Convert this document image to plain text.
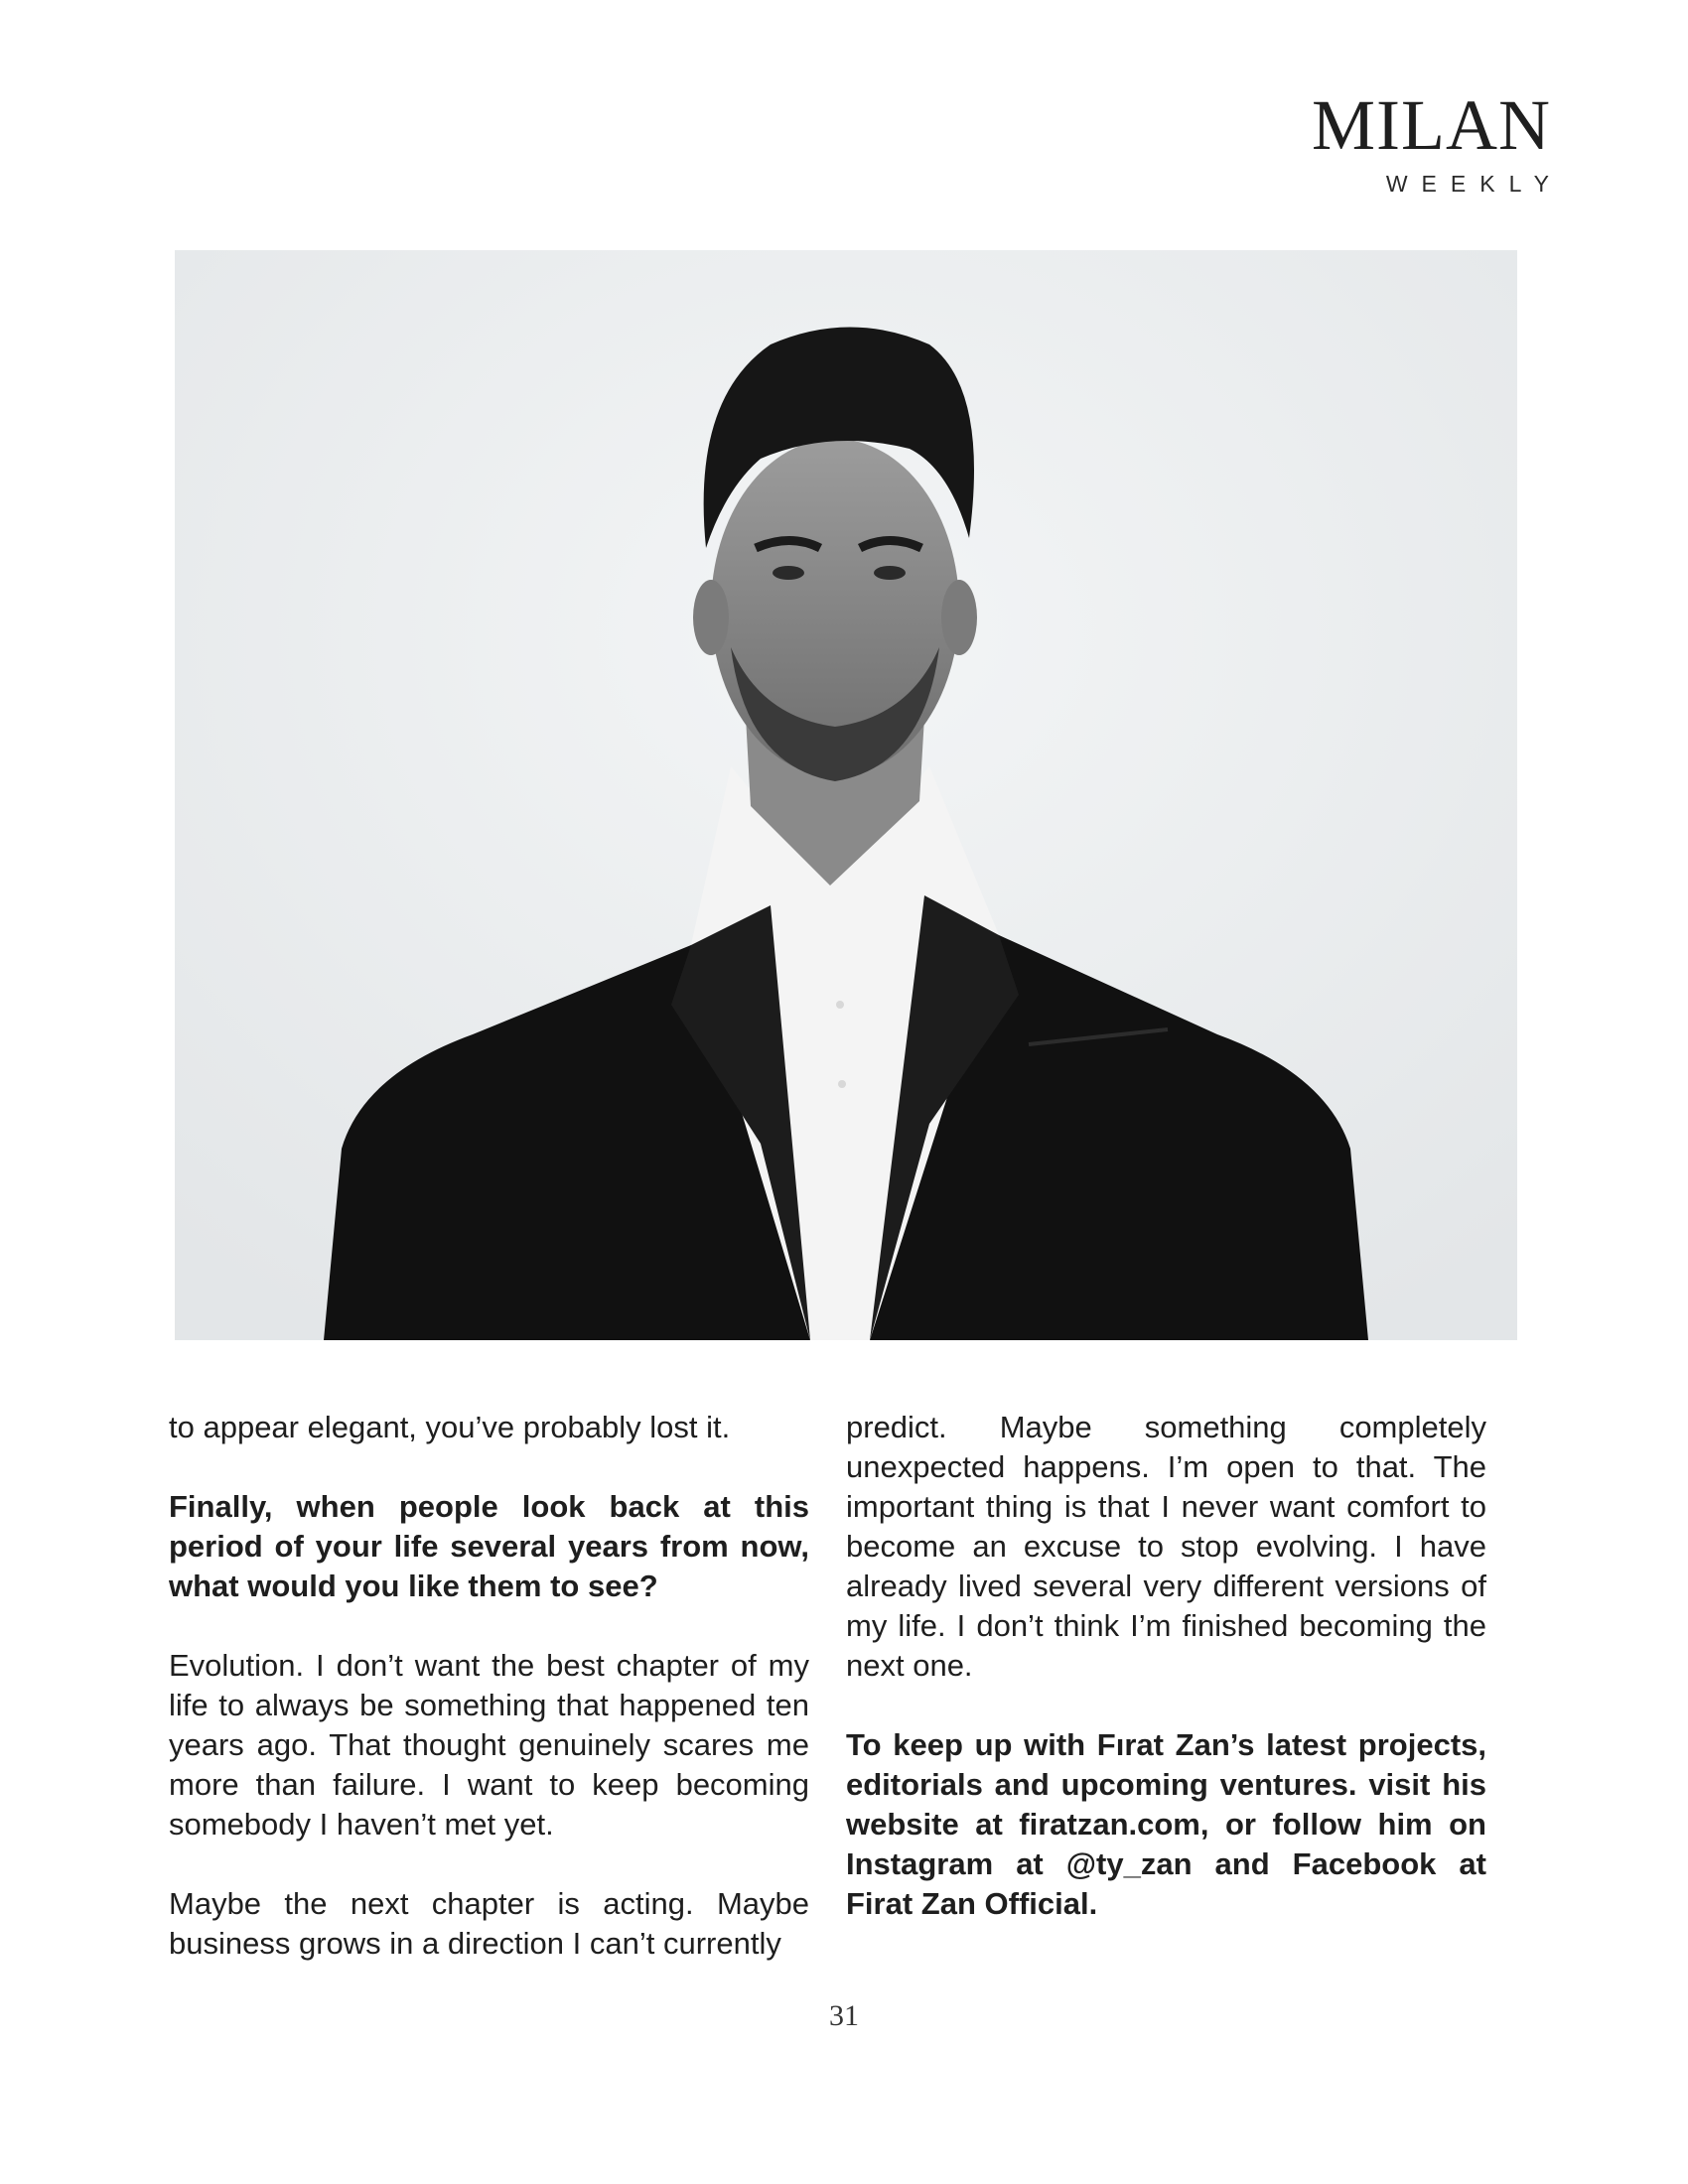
MILAN
WEEKLY

to appear elegant, you’ve probably lost it.

Finally, when people look back at this period of your life several years from now, what would you like them to see?

Evolution. I don’t want the best chapter of my life to always be something that happened ten years ago. That thought genuinely scares me more than failure. I want to keep becoming somebody I haven’t met yet.

Maybe the next chapter is acting. Maybe business grows in a direction I can’t currently

predict. Maybe something completely unexpected happens. I’m open to that. The important thing is that I never want comfort to become an excuse to stop evolving. I have already lived several very different versions of my life. I don’t think I’m finished becoming the next one.

To keep up with Fırat Zan’s latest projects, editorials and upcoming ventures. visit his website at firatzan.com, or follow him on Instagram at @ty_zan and Facebook at Firat Zan Official.

31
